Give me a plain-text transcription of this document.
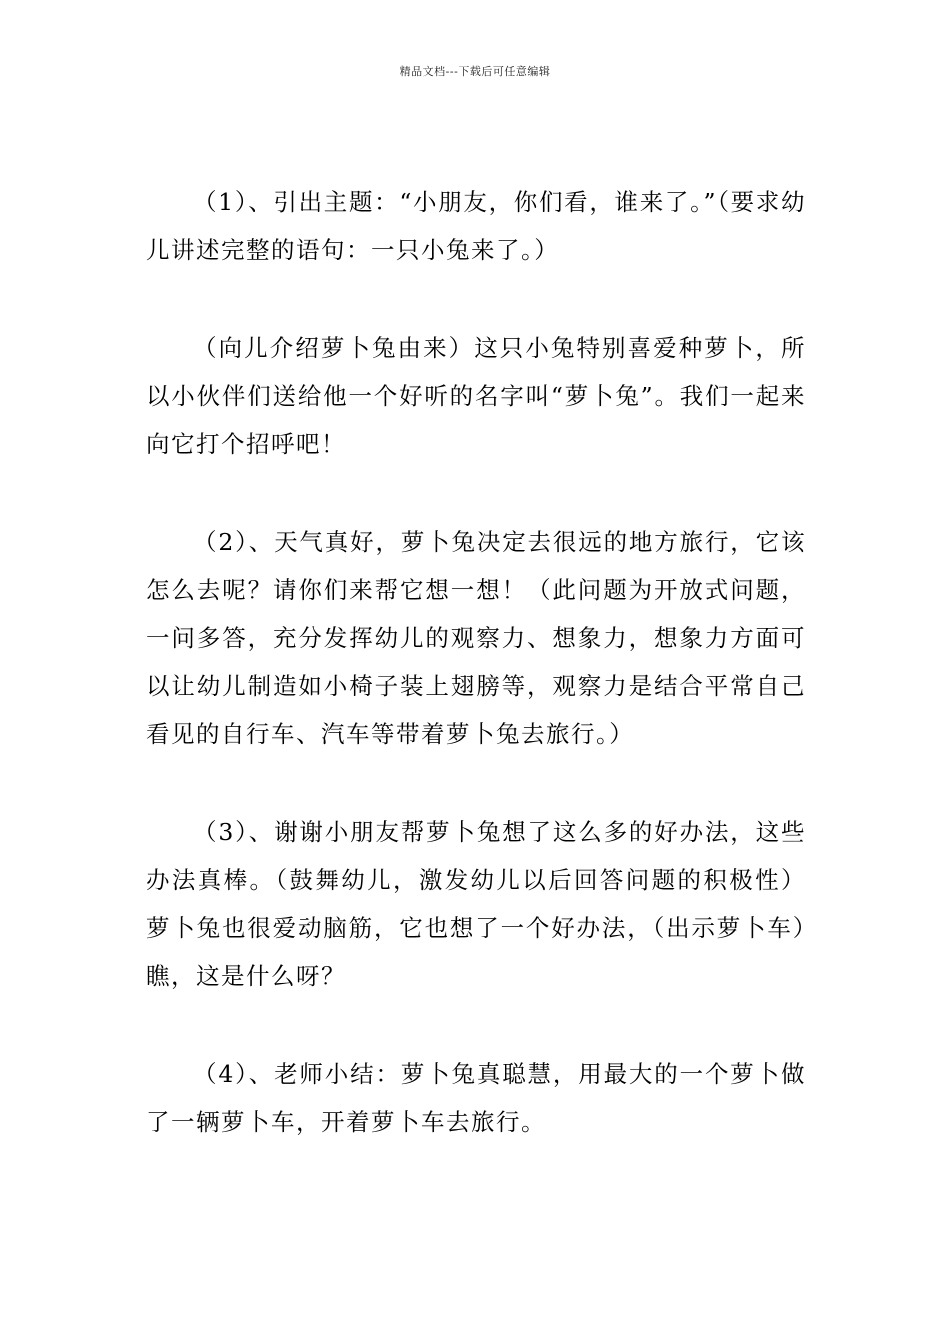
精品文档---下载后可任意编辑

（1）、引出主题：“小朋友，你们看，谁来了。”（要求幼儿讲述完整的语句：一只小兔来了。）

（向儿介绍萝卜兔由来）这只小兔特别喜爱种萝卜，所以小伙伴们送给他一个好听的名字叫“萝卜兔”。我们一起来向它打个招呼吧！

（2）、天气真好，萝卜兔决定去很远的地方旅行，它该怎么去呢？请你们来帮它想一想！（此问题为开放式问题，一问多答，充分发挥幼儿的观察力、想象力，想象力方面可以让幼儿制造如小椅子装上翅膀等，观察力是结合平常自己看见的自行车、汽车等带着萝卜兔去旅行。）

（3）、谢谢小朋友帮萝卜兔想了这么多的好办法，这些办法真棒。（鼓舞幼儿，激发幼儿以后回答问题的积极性）萝卜兔也很爱动脑筋，它也想了一个好办法，（出示萝卜车）瞧，这是什么呀？

（4）、老师小结：萝卜兔真聪慧，用最大的一个萝卜做了一辆萝卜车，开着萝卜车去旅行。
